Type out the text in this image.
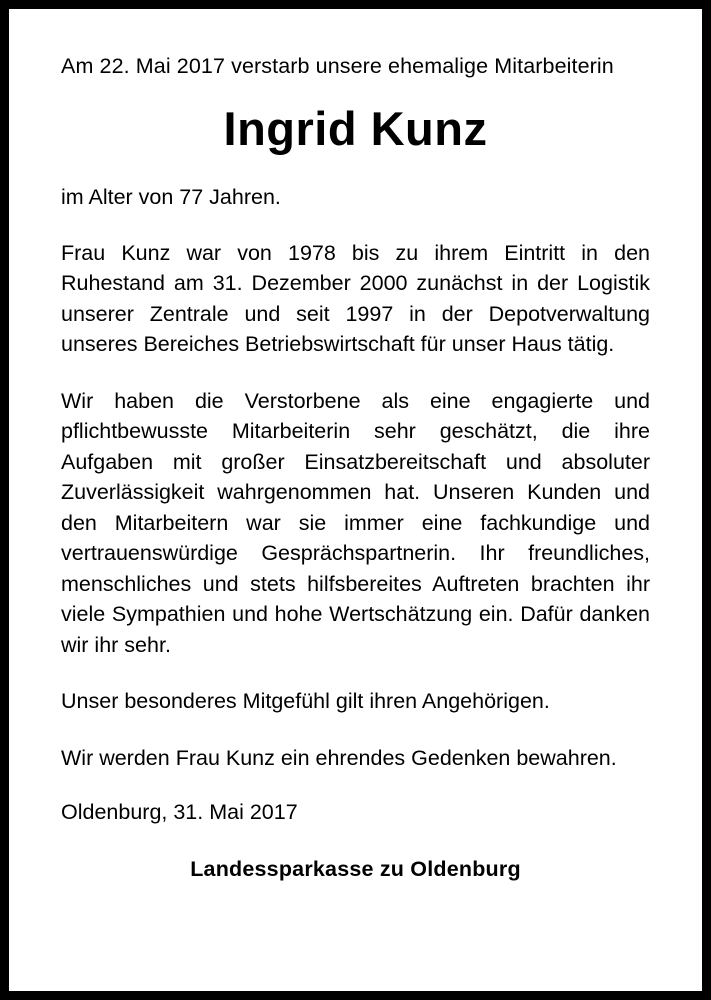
Am 22. Mai 2017 verstarb unsere ehemalige Mitarbeiterin

Ingrid Kunz

im Alter von 77 Jahren.

Frau Kunz war von 1978 bis zu ihrem Eintritt in den Ruhestand am 31. Dezember 2000 zunächst in der Logistik unserer Zentrale und seit 1997 in der Depotverwaltung unseres Bereiches Betriebswirtschaft für unser Haus tätig.

Wir haben die Verstorbene als eine engagierte und pflichtbewusste Mitarbeiterin sehr geschätzt, die ihre Aufgaben mit großer Einsatzbereitschaft und absoluter Zuverlässigkeit wahrgenommen hat. Unseren Kunden und den Mitarbeitern war sie immer eine fachkundige und vertrauenswürdige Gesprächspartnerin. Ihr freundliches, menschliches und stets hilfsbereites Auftreten brachten ihr viele Sympathien und hohe Wertschätzung ein. Dafür danken wir ihr sehr.

Unser besonderes Mitgefühl gilt ihren Angehörigen.

Wir werden Frau Kunz ein ehrendes Gedenken bewahren.

Oldenburg, 31. Mai 2017

Landessparkasse zu Oldenburg
